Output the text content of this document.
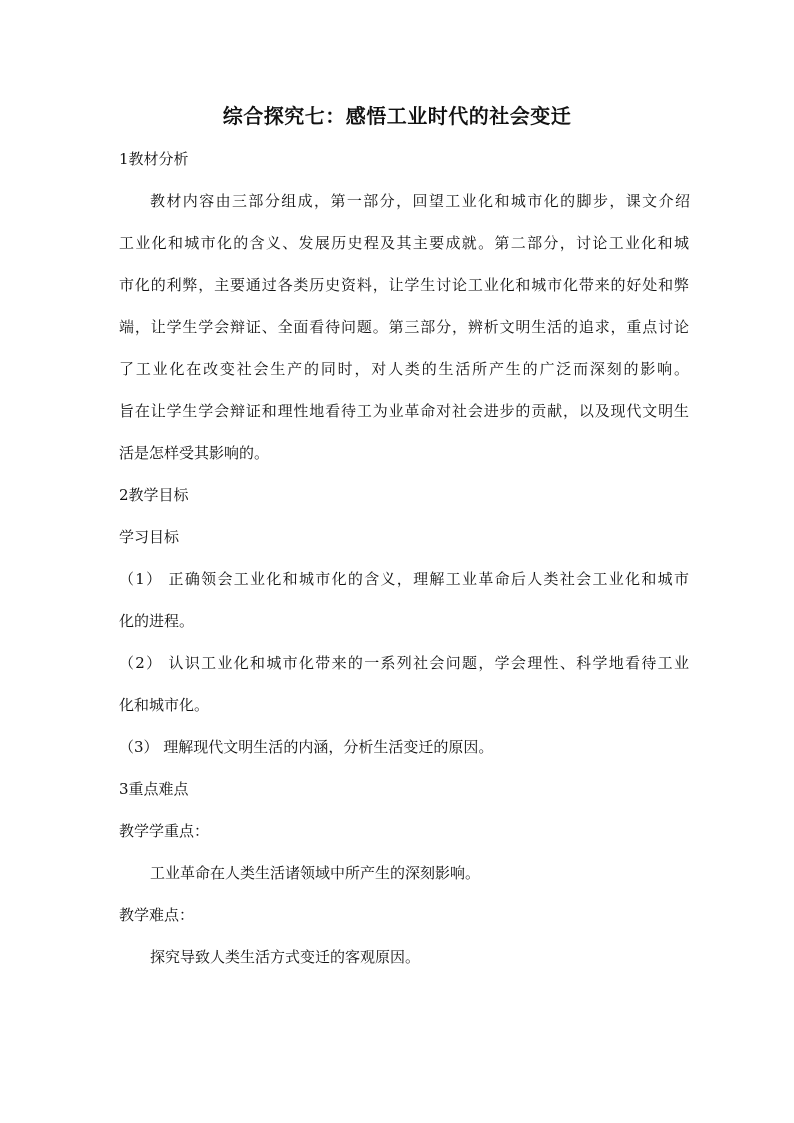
综合探究七：感悟工业时代的社会变迁
1教材分析
教材内容由三部分组成，第一部分，回望工业化和城市化的脚步，课文介绍
工业化和城市化的含义、发展历史程及其主要成就。第二部分，讨论工业化和城
市化的利弊，主要通过各类历史资料，让学生讨论工业化和城市化带来的好处和弊
端，让学生学会辩证、全面看待问题。第三部分，辨析文明生活的追求，重点讨论
了工业化在改变社会生产的同时，对人类的生活所产生的广泛而深刻的影响。
旨在让学生学会辩证和理性地看待工为业革命对社会进步的贡献，以及现代文明生
活是怎样受其影响的。
2教学目标
学习目标
（1） 正确领会工业化和城市化的含义，理解工业革命后人类社会工业化和城市
化的进程。
（2） 认识工业化和城市化带来的一系列社会问题，学会理性、科学地看待工业
化和城市化。
（3） 理解现代文明生活的内涵，分析生活变迁的原因。
3重点难点
教学学重点：
工业革命在人类生活诸领域中所产生的深刻影响。
教学难点：
探究导致人类生活方式变迁的客观原因。
